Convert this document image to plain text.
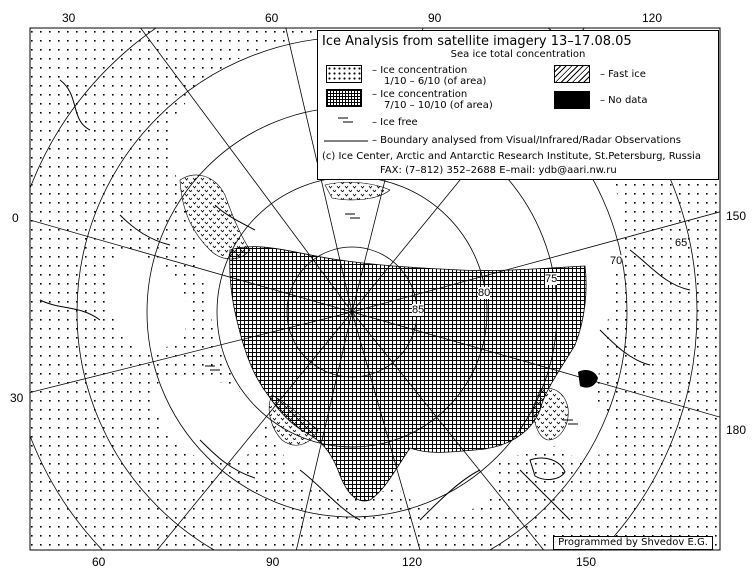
30	60	90	120
0
30
150
180
60	90	120	150
85
80
75
70
65
Ice Analysis from satellite imagery 13–17.08.05
Sea ice total concentration
– Ice concentration
1/10 – 6/10 (of area)
– Ice concentration
7/10 – 10/10 (of area)
– Fast ice
– No data
– Ice free
– Boundary analysed from Visual/Infrared/Radar Observations
(c) Ice Center, Arctic and Antarctic Research Institute, St.Petersburg, Russia
FAX: (7–812) 352–2688 E–mail: ydb@aari.nw.ru
Programmed by Shvedov E.G.
